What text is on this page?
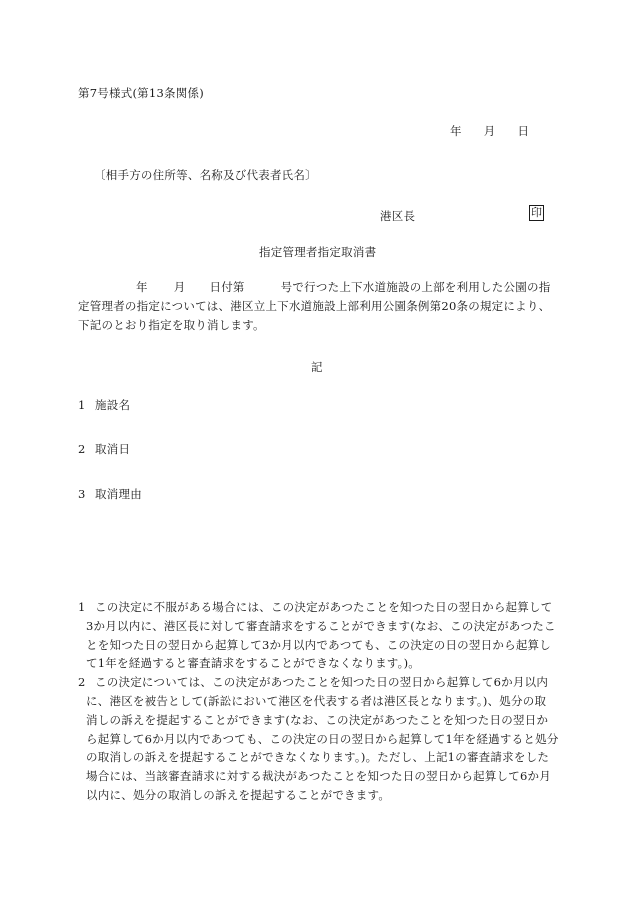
第7号様式(第13条関係)
年 月 日
〔相手方の住所等、名称及び代表者氏名〕
港区長	印
指定管理者指定取消書
年 月 日付第	号で行つた上下水道施設の上部を利用した公園の指
定管理者の指定については、港区立上下水道施設上部利用公園条例第20条の規定により、
下記のとおり指定を取り消します。
記
1 施設名
2 取消日
3 取消理由
1 この決定に不服がある場合には、この決定があつたことを知つた日の翌日から起算して
3か月以内に、港区長に対して審査請求をすることができます(なお、この決定があつたこ
とを知つた日の翌日から起算して3か月以内であつても、この決定の日の翌日から起算し
て1年を経過すると審査請求をすることができなくなります。)。
2 この決定については、この決定があつたことを知つた日の翌日から起算して6か月以内
に、港区を被告として(訴訟において港区を代表する者は港区長となります。)、処分の取
消しの訴えを提起することができます(なお、この決定があつたことを知つた日の翌日か
ら起算して6か月以内であつても、この決定の日の翌日から起算して1年を経過すると処分
の取消しの訴えを提起することができなくなります。)。ただし、上記1の審査請求をした
場合には、当該審査請求に対する裁決があつたことを知つた日の翌日から起算して6か月
以内に、処分の取消しの訴えを提起することができます。
